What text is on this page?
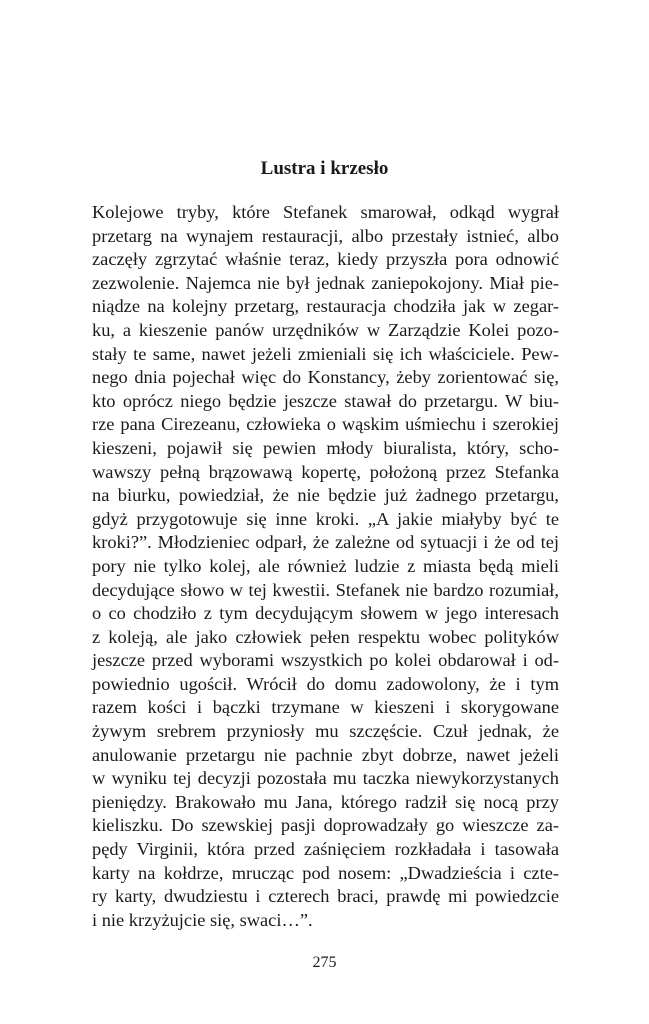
Lustra i krzesło
Kolejowe tryby, które Stefanek smarował, odkąd wygrał
przetarg na wynajem restauracji, albo przestały istnieć, albo
zaczęły zgrzytać właśnie teraz, kiedy przyszła pora odnowić
zezwolenie. Najemca nie był jednak zaniepokojony. Miał pie-
niądze na kolejny przetarg, restauracja chodziła jak w zegar-
ku, a kieszenie panów urzędników w Zarządzie Kolei pozo-
stały te same, nawet jeżeli zmieniali się ich właściciele. Pew-
nego dnia pojechał więc do Konstancy, żeby zorientować się,
kto oprócz niego będzie jeszcze stawał do przetargu. W biu-
rze pana Cirezeanu, człowieka o wąskim uśmiechu i szerokiej
kieszeni, pojawił się pewien młody biuralista, który, scho-
wawszy pełną brązowawą kopertę, położoną przez Stefanka
na biurku, powiedział, że nie będzie już żadnego przetargu,
gdyż przygotowuje się inne kroki. „A jakie miałyby być te
kroki?”. Młodzieniec odparł, że zależne od sytuacji i że od tej
pory nie tylko kolej, ale również ludzie z miasta będą mieli
decydujące słowo w tej kwestii. Stefanek nie bardzo rozumiał,
o co chodziło z tym decydującym słowem w jego interesach
z koleją, ale jako człowiek pełen respektu wobec polityków
jeszcze przed wyborami wszystkich po kolei obdarował i od-
powiednio ugościł. Wrócił do domu zadowolony, że i tym
razem kości i bączki trzymane w kieszeni i skorygowane
żywym srebrem przyniosły mu szczęście. Czuł jednak, że
anulowanie przetargu nie pachnie zbyt dobrze, nawet jeżeli
w wyniku tej decyzji pozostała mu taczka niewykorzystanych
pieniędzy. Brakowało mu Jana, którego radził się nocą przy
kieliszku. Do szewskiej pasji doprowadzały go wieszcze za-
pędy Virginii, która przed zaśnięciem rozkładała i tasowała
karty na kołdrze, mrucząc pod nosem: „Dwadzieścia i czte-
ry karty, dwudziestu i czterech braci, prawdę mi powiedzcie
i nie krzyżujcie się, swaci…”.
275
